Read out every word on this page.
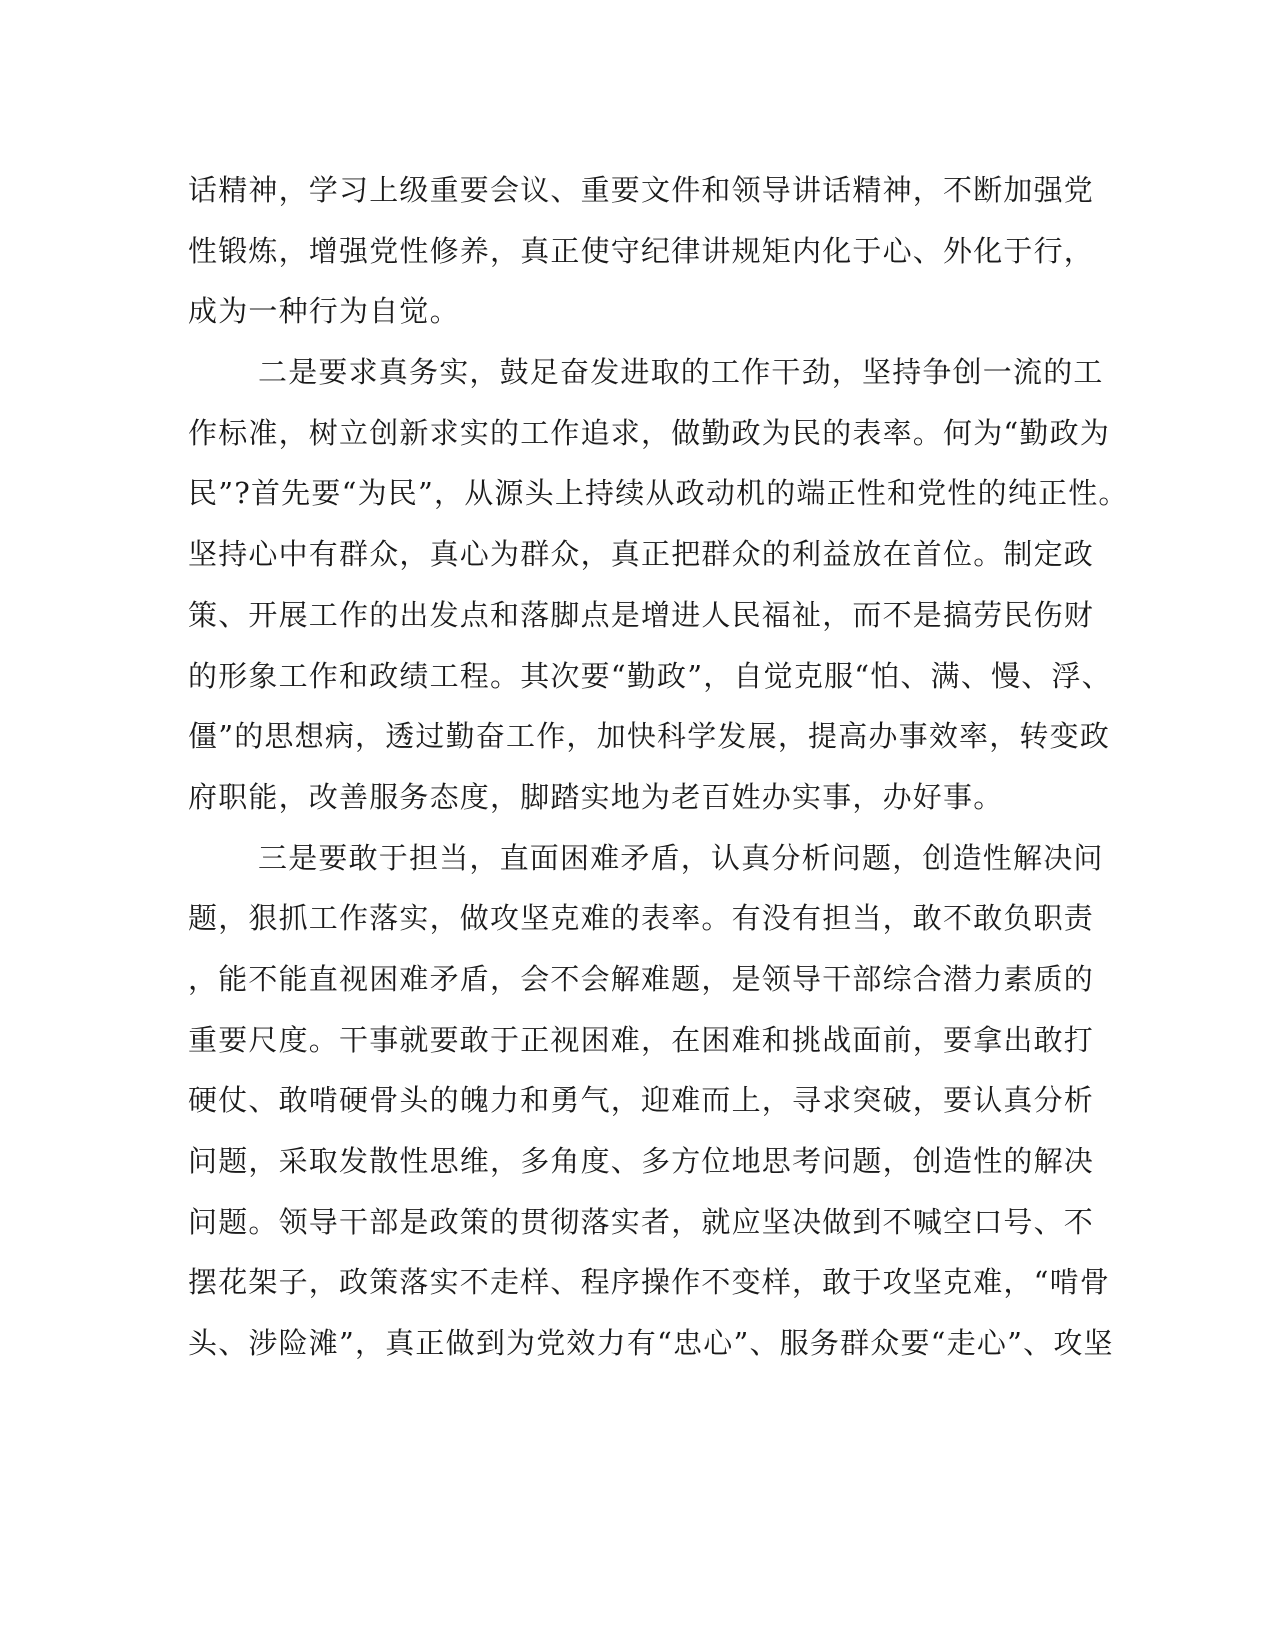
话精神，学习上级重要会议、重要文件和领导讲话精神，不断加强党
性锻炼，增强党性修养，真正使守纪律讲规矩内化于心、外化于行，
成为一种行为自觉。
二是要求真务实，鼓足奋发进取的工作干劲，坚持争创一流的工
作标准，树立创新求实的工作追求，做勤政为民的表率。何为“勤政为
民”?首先要“为民”，从源头上持续从政动机的端正性和党性的纯正性。
坚持心中有群众，真心为群众，真正把群众的利益放在首位。制定政
策、开展工作的出发点和落脚点是增进人民福祉，而不是搞劳民伤财
的形象工作和政绩工程。其次要“勤政”，自觉克服“怕、满、慢、浮、
僵”的思想病，透过勤奋工作，加快科学发展，提高办事效率，转变政
府职能，改善服务态度，脚踏实地为老百姓办实事，办好事。
三是要敢于担当，直面困难矛盾，认真分析问题，创造性解决问
题，狠抓工作落实，做攻坚克难的表率。有没有担当，敢不敢负职责
，能不能直视困难矛盾，会不会解难题，是领导干部综合潜力素质的
重要尺度。干事就要敢于正视困难，在困难和挑战面前，要拿出敢打
硬仗、敢啃硬骨头的魄力和勇气，迎难而上，寻求突破，要认真分析
问题，采取发散性思维，多角度、多方位地思考问题，创造性的解决
问题。领导干部是政策的贯彻落实者，就应坚决做到不喊空口号、不
摆花架子，政策落实不走样、程序操作不变样，敢于攻坚克难，“啃骨
头、涉险滩”，真正做到为党效力有“忠心”、服务群众要“走心”、攻坚
